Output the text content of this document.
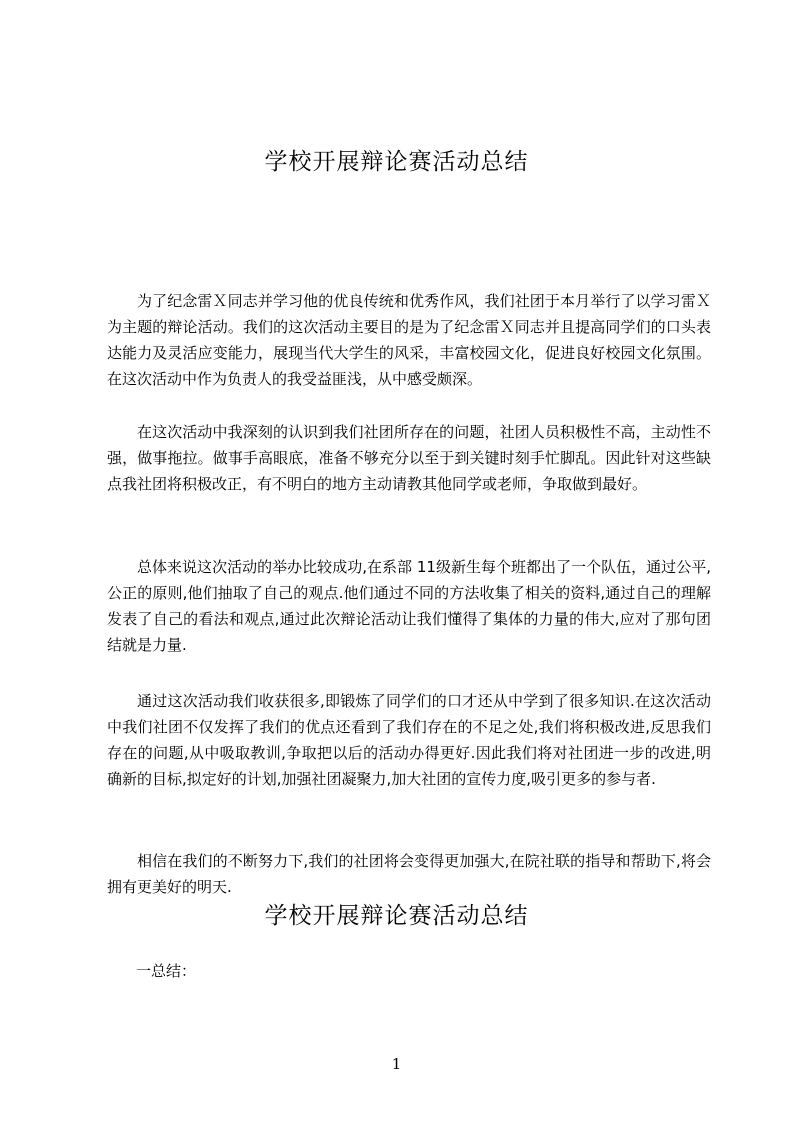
学校开展辩论赛活动总结
为了纪念雷Ｘ同志并学习他的优良传统和优秀作风，我们社团于本月举行了以学习雷Ｘ为主题的辩论活动。我们的这次活动主要目的是为了纪念雷Ｘ同志并且提高同学们的口头表达能力及灵活应变能力，展现当代大学生的风采，丰富校园文化，促进良好校园文化氛围。在这次活动中作为负责人的我受益匪浅，从中感受颇深。
在这次活动中我深刻的认识到我们社团所存在的问题，社团人员积极性不高，主动性不强，做事拖拉。做事手高眼底，准备不够充分以至于到关键时刻手忙脚乱。因此针对这些缺点我社团将积极改正，有不明白的地方主动请教其他同学或老师，争取做到最好。
总体来说这次活动的举办比较成功,在系部 11级新生每个班都出了一个队伍，通过公平,公正的原则,他们抽取了自己的观点.他们通过不同的方法收集了相关的资料,通过自己的理解发表了自己的看法和观点,通过此次辩论活动让我们懂得了集体的力量的伟大,应对了那句团结就是力量.
通过这次活动我们收获很多,即锻炼了同学们的口才还从中学到了很多知识.在这次活动中我们社团不仅发挥了我们的优点还看到了我们存在的不足之处,我们将积极改进,反思我们存在的问题,从中吸取教训,争取把以后的活动办得更好.因此我们将对社团进一步的改进,明确新的目标,拟定好的计划,加强社团凝聚力,加大社团的宣传力度,吸引更多的参与者.
相信在我们的不断努力下,我们的社团将会变得更加强大,在院社联的指导和帮助下,将会拥有更美好的明天.
学校开展辩论赛活动总结
一总结：
1
